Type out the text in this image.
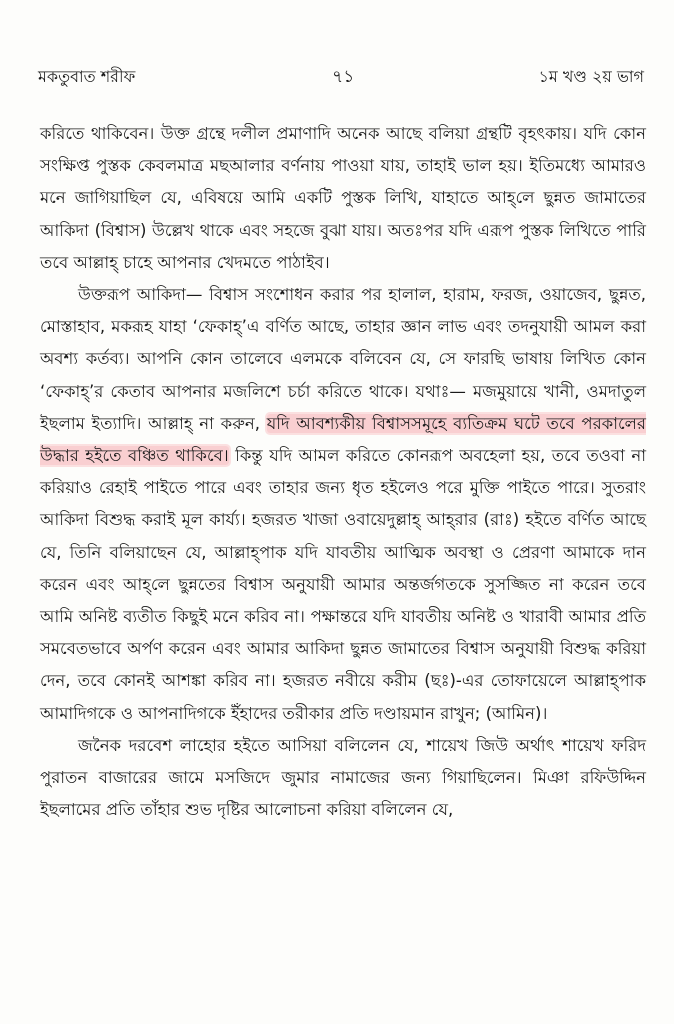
মকতুবাত শরীফ	৭১	১ম খণ্ড ২য় ভাগ

করিতে থাকিবেন। উক্ত গ্রন্থে দলীল প্রমাণাদি অনেক আছে বলিয়া গ্রন্থটি বৃহৎকায়। যদি কোন সংক্ষিপ্ত পুস্তক কেবলমাত্র মছআলার বর্ণনায় পাওয়া যায়, তাহাই ভাল হয়। ইতিমধ্যে আমারও মনে জাগিয়াছিল যে, এবিষয়ে আমি একটি পুস্তক লিখি, যাহাতে আহ্‌লে ছুন্নত জামাতের আকিদা (বিশ্বাস) উল্লেখ থাকে এবং সহজে বুঝা যায়। অতঃপর যদি এরূপ পুস্তক লিখিতে পারি তবে আল্লাহ্‌ চাহে আপনার খেদমতে পাঠাইব।

উক্তরূপ আকিদা— বিশ্বাস সংশোধন করার পর হালাল, হারাম, ফরজ, ওয়াজেব, ছুন্নত, মোস্তাহাব, মকরূহ যাহা ‘ফেকাহ্‌’এ বর্ণিত আছে, তাহার জ্ঞান লাভ এবং তদনুযায়ী আমল করা অবশ্য কর্তব্য। আপনি কোন তালেবে এলমকে বলিবেন যে, সে ফারছি ভাষায় লিখিত কোন ‘ফেকাহ্‌’র কেতাব আপনার মজলিশে চর্চা করিতে থাকে। যথাঃ— মজমুয়ায়ে খানী, ওমদাতুল ইছলাম ইত্যাদি। আল্লাহ্‌ না করুন, যদি আবশ্যকীয় বিশ্বাসসমূহে ব্যতিক্রম ঘটে তবে পরকালের উদ্ধার হইতে বঞ্চিত থাকিবে। কিন্তু যদি আমল করিতে কোনরূপ অবহেলা হয়, তবে তওবা না করিয়াও রেহাই পাইতে পারে এবং তাহার জন্য ধৃত হইলেও পরে মুক্তি পাইতে পারে। সুতরাং আকিদা বিশুদ্ধ করাই মূল কার্য্য। হজরত খাজা ওবায়েদুল্লাহ্‌ আহ্‌রার (রাঃ) হইতে বর্ণিত আছে যে, তিনি বলিয়াছেন যে, আল্লাহ্‌পাক যদি যাবতীয় আত্মিক অবস্থা ও প্রেরণা আমাকে দান করেন এবং আহ্‌লে ছুন্নতের বিশ্বাস অনুযায়ী আমার অন্তর্জগতকে সুসজ্জিত না করেন তবে আমি অনিষ্ট ব্যতীত কিছুই মনে করিব না। পক্ষান্তরে যদি যাবতীয় অনিষ্ট ও খারাবী আমার প্রতি সমবেতভাবে অর্পণ করেন এবং আমার আকিদা ছুন্নত জামাতের বিশ্বাস অনুযায়ী বিশুদ্ধ করিয়া দেন, তবে কোনই আশঙ্কা করিব না। হজরত নবীয়ে করীম (ছঃ)-এর তোফায়েলে আল্লাহ্‌পাক আমাদিগকে ও আপনাদিগকে ইঁহাদের তরীকার প্রতি দণ্ডায়মান রাখুন; (আমিন)।

জনৈক দরবেশ লাহোর হইতে আসিয়া বলিলেন যে, শায়েখ জিউ অর্থাৎ শায়েখ ফরিদ পুরাতন বাজারের জামে মসজিদে জুমার নামাজের জন্য গিয়াছিলেন। মিঞা রফিউদ্দিন ইছলামের প্রতি তাঁহার শুভ দৃষ্টির আলোচনা করিয়া বলিলেন যে,
